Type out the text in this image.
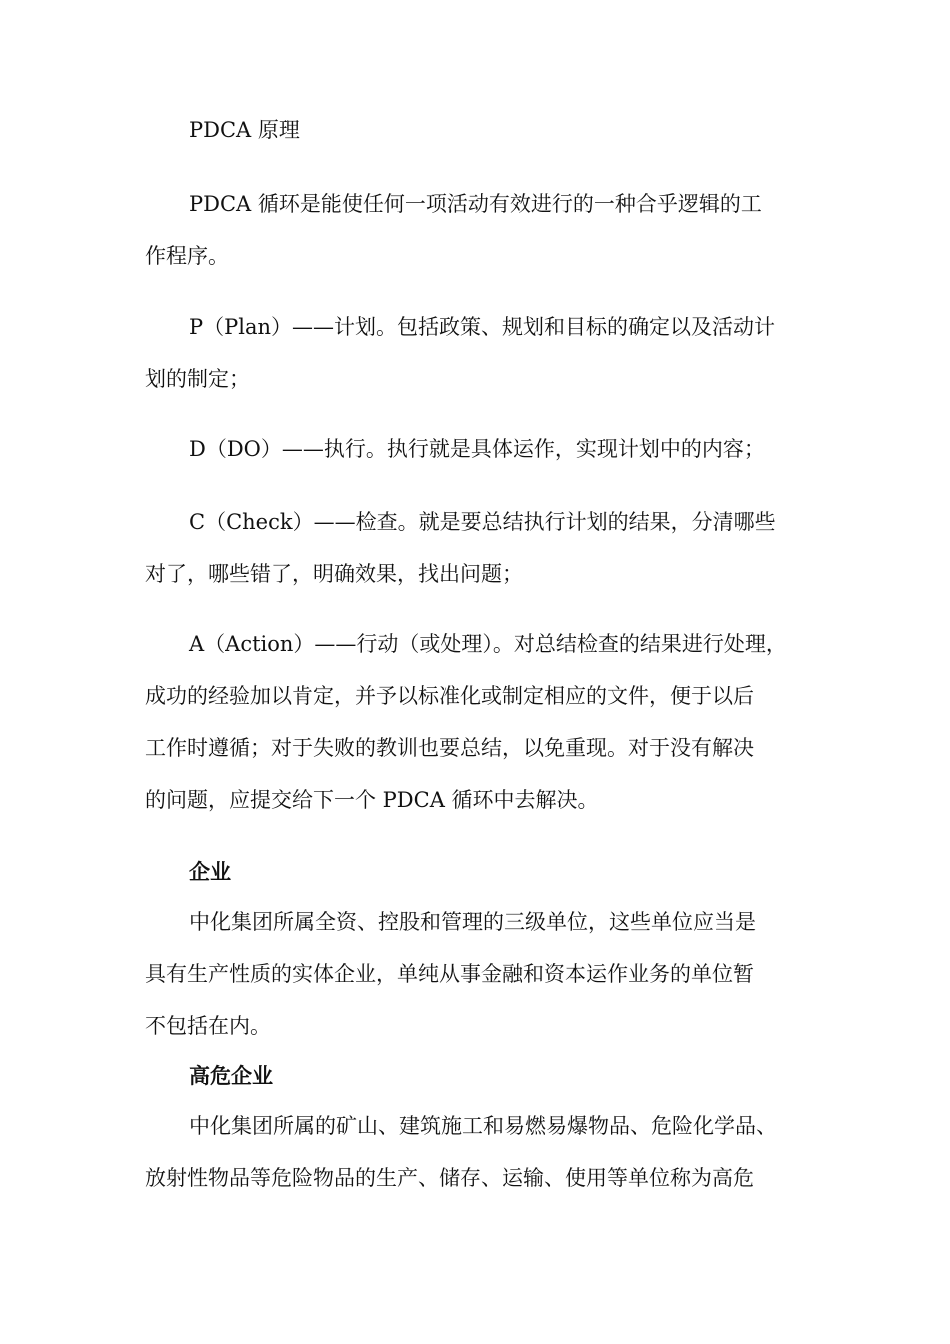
PDCA 原理
PDCA 循环是能使任何一项活动有效进行的一种合乎逻辑的工
作程序。
P（Plan）——计划。包括政策、规划和目标的确定以及活动计
划的制定；
D（DO）——执行。执行就是具体运作，实现计划中的内容；
C（Check）——检查。就是要总结执行计划的结果，分清哪些
对了，哪些错了，明确效果，找出问题；
A（Action）——行动（或处理）。对总结检查的结果进行处理，
成功的经验加以肯定，并予以标准化或制定相应的文件，便于以后
工作时遵循；对于失败的教训也要总结，以免重现。对于没有解决
的问题，应提交给下一个 PDCA 循环中去解决。
企业
中化集团所属全资、控股和管理的三级单位，这些单位应当是
具有生产性质的实体企业，单纯从事金融和资本运作业务的单位暂
不包括在内。
高危企业
中化集团所属的矿山、建筑施工和易燃易爆物品、危险化学品、
放射性物品等危险物品的生产、储存、运输、使用等单位称为高危
